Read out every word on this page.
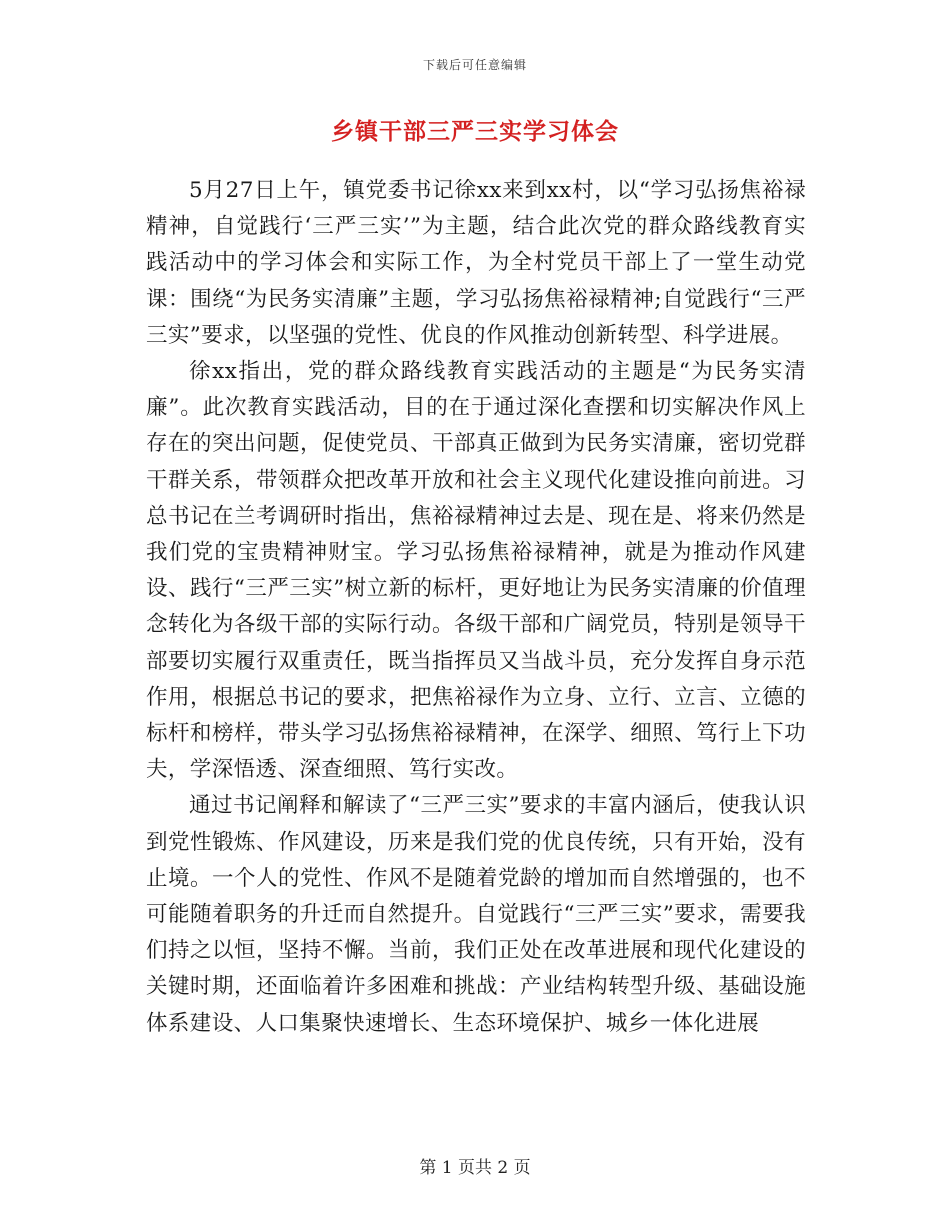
下载后可任意编辑
乡镇干部三严三实学习体会

5月27日上午，镇党委书记徐xx来到xx村，以“学习弘扬焦裕禄精神，自觉践行‘三严三实’”为主题，结合此次党的群众路线教育实践活动中的学习体会和实际工作，为全村党员干部上了一堂生动党课：围绕“为民务实清廉”主题，学习弘扬焦裕禄精神;自觉践行“三严三实”要求，以坚强的党性、优良的作风推动创新转型、科学进展。

徐xx指出，党的群众路线教育实践活动的主题是“为民务实清廉”。此次教育实践活动，目的在于通过深化查摆和切实解决作风上存在的突出问题，促使党员、干部真正做到为民务实清廉，密切党群干群关系，带领群众把改革开放和社会主义现代化建设推向前进。习总书记在兰考调研时指出，焦裕禄精神过去是、现在是、将来仍然是我们党的宝贵精神财宝。学习弘扬焦裕禄精神，就是为推动作风建设、践行“三严三实”树立新的标杆，更好地让为民务实清廉的价值理念转化为各级干部的实际行动。各级干部和广阔党员，特别是领导干部要切实履行双重责任，既当指挥员又当战斗员，充分发挥自身示范作用，根据总书记的要求，把焦裕禄作为立身、立行、立言、立德的标杆和榜样，带头学习弘扬焦裕禄精神，在深学、细照、笃行上下功夫，学深悟透、深查细照、笃行实改。

通过书记阐释和解读了“三严三实”要求的丰富内涵后，使我认识到党性锻炼、作风建设，历来是我们党的优良传统，只有开始，没有止境。一个人的党性、作风不是随着党龄的增加而自然增强的，也不可能随着职务的升迁而自然提升。自觉践行“三严三实”要求，需要我们持之以恒，坚持不懈。当前，我们正处在改革进展和现代化建设的关键时期，还面临着许多困难和挑战：产业结构转型升级、基础设施体系建设、人口集聚快速增长、生态环境保护、城乡一体化进展

第 1 页共 2 页
